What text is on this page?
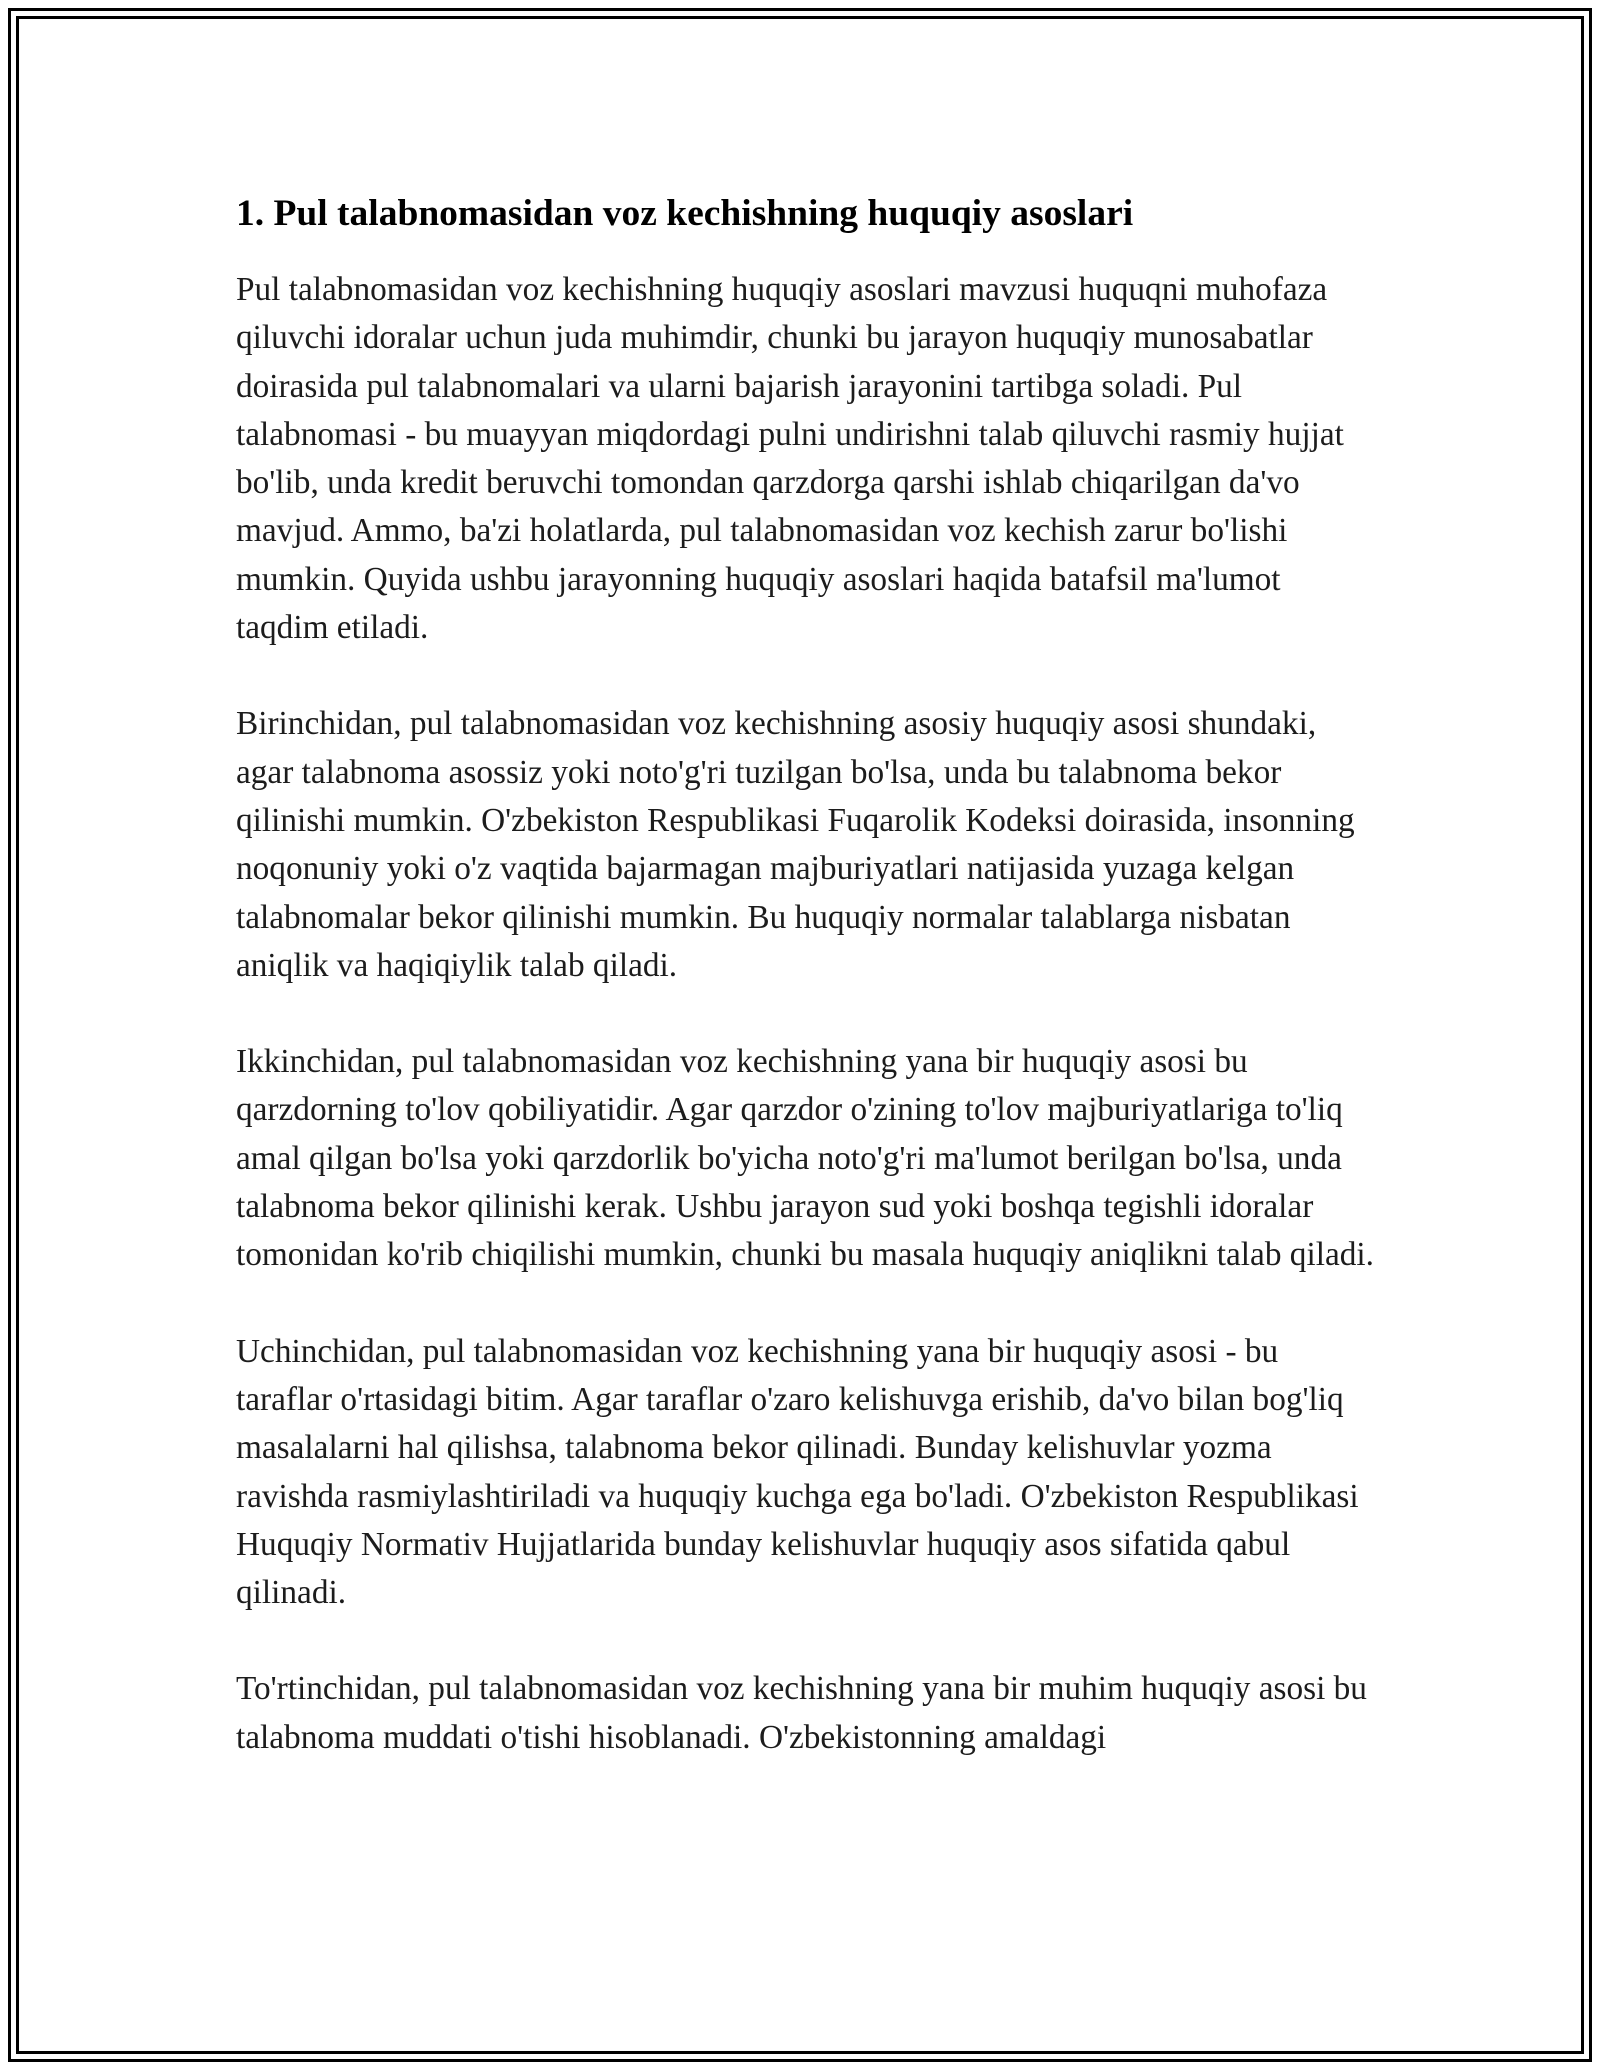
1. Pul talabnomasidan voz kechishning huquqiy asoslari

Pul talabnomasidan voz kechishning huquqiy asoslari mavzusi huquqni muhofaza qiluvchi idoralar uchun juda muhimdir, chunki bu jarayon huquqiy munosabatlar doirasida pul talabnomalari va ularni bajarish jarayonini tartibga soladi. Pul talabnomasi - bu muayyan miqdordagi pulni undirishni talab qiluvchi rasmiy hujjat bo'lib, unda kredit beruvchi tomondan qarzdorga qarshi ishlab chiqarilgan da'vo mavjud. Ammo, ba'zi holatlarda, pul talabnomasidan voz kechish zarur bo'lishi mumkin. Quyida ushbu jarayonning huquqiy asoslari haqida batafsil ma'lumot taqdim etiladi.

Birinchidan, pul talabnomasidan voz kechishning asosiy huquqiy asosi shundaki, agar talabnoma asossiz yoki noto'g'ri tuzilgan bo'lsa, unda bu talabnoma bekor qilinishi mumkin. O'zbekiston Respublikasi Fuqarolik Kodeksi doirasida, insonning noqonuniy yoki o'z vaqtida bajarmagan majburiyatlari natijasida yuzaga kelgan talabnomalar bekor qilinishi mumkin. Bu huquqiy normalar talablarga nisbatan aniqlik va haqiqiylik talab qiladi.

Ikkinchidan, pul talabnomasidan voz kechishning yana bir huquqiy asosi bu qarzdorning to'lov qobiliyatidir. Agar qarzdor o'zining to'lov majburiyatlariga to'liq amal qilgan bo'lsa yoki qarzdorlik bo'yicha noto'g'ri ma'lumot berilgan bo'lsa, unda talabnoma bekor qilinishi kerak. Ushbu jarayon sud yoki boshqa tegishli idoralar tomonidan ko'rib chiqilishi mumkin, chunki bu masala huquqiy aniqlikni talab qiladi.

Uchinchidan, pul talabnomasidan voz kechishning yana bir huquqiy asosi - bu taraflar o'rtasidagi bitim. Agar taraflar o'zaro kelishuvga erishib, da'vo bilan bog'liq masalalarni hal qilishsa, talabnoma bekor qilinadi. Bunday kelishuvlar yozma ravishda rasmiylashtiriladi va huquqiy kuchga ega bo'ladi. O'zbekiston Respublikasi Huquqiy Normativ Hujjatlarida bunday kelishuvlar huquqiy asos sifatida qabul qilinadi.

To'rtinchidan, pul talabnomasidan voz kechishning yana bir muhim huquqiy asosi bu talabnoma muddati o'tishi hisoblanadi. O'zbekistonning amaldagi
